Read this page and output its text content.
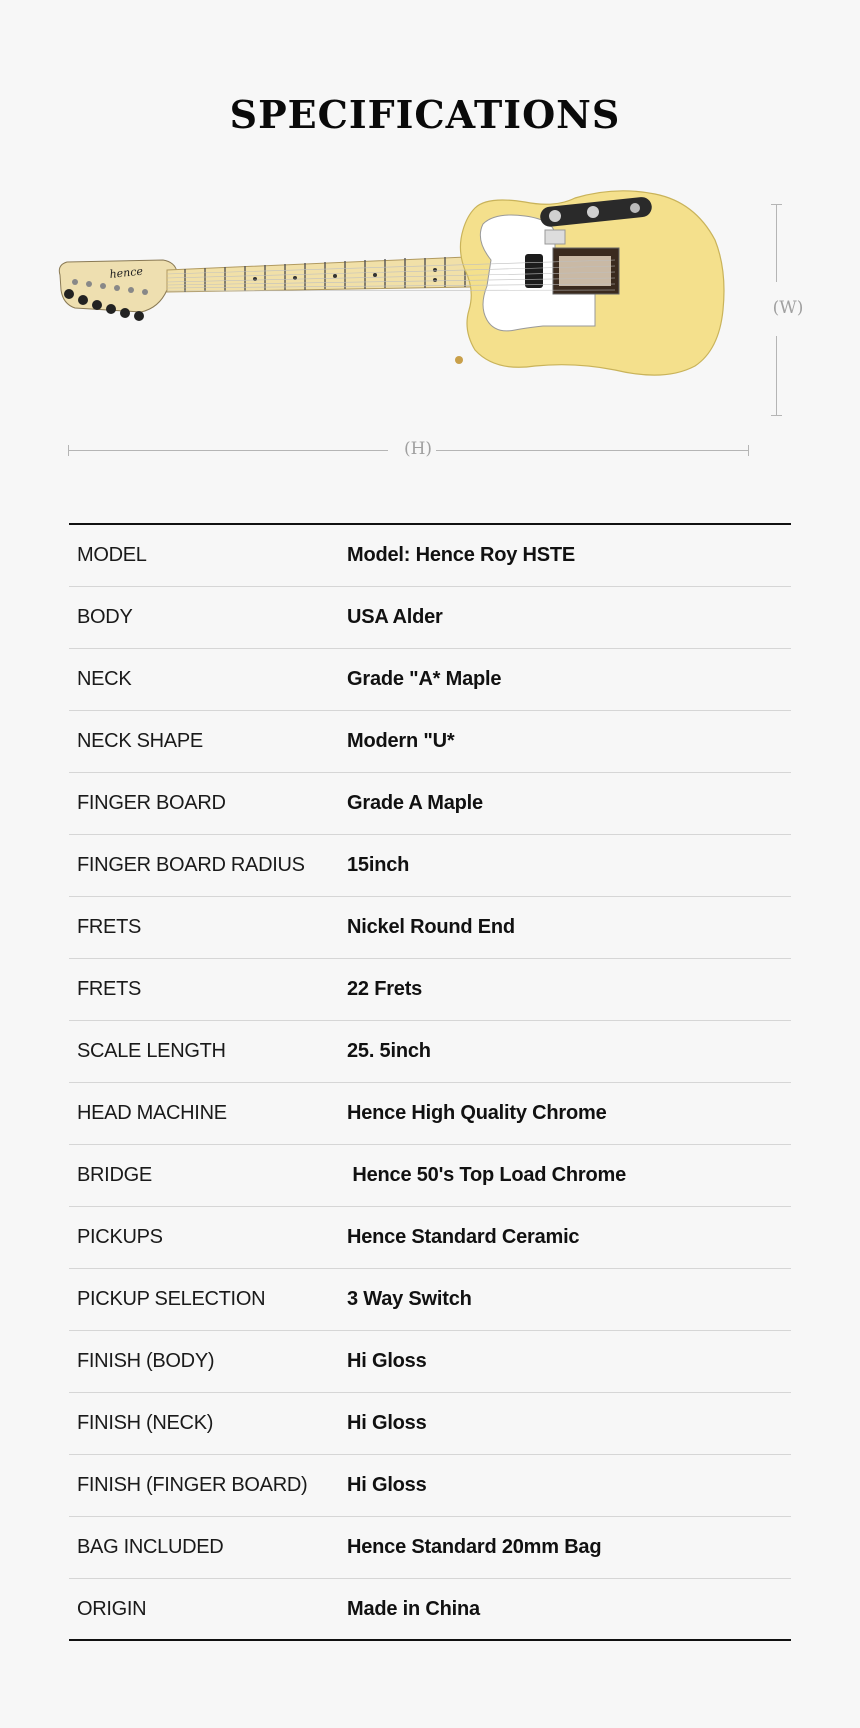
SPECIFICATIONS
hence
(W)
(H)
MODEL	Model: Hence Roy HSTE
BODY	USA Alder
NECK	Grade "A* Maple
NECK SHAPE	Modern "U*
FINGER BOARD	Grade A Maple
FINGER BOARD RADIUS	15inch
FRETS	Nickel Round End
FRETS	22 Frets
SCALE LENGTH	25. 5inch
HEAD MACHINE	Hence High Quality Chrome
BRIDGE	Hence 50's Top Load Chrome
PICKUPS	Hence Standard Ceramic
PICKUP SELECTION	3 Way Switch
FINISH (BODY)	Hi Gloss
FINISH (NECK)	Hi Gloss
FINISH (FINGER BOARD)	Hi Gloss
BAG INCLUDED	Hence Standard 20mm Bag
ORIGIN	Made in China
